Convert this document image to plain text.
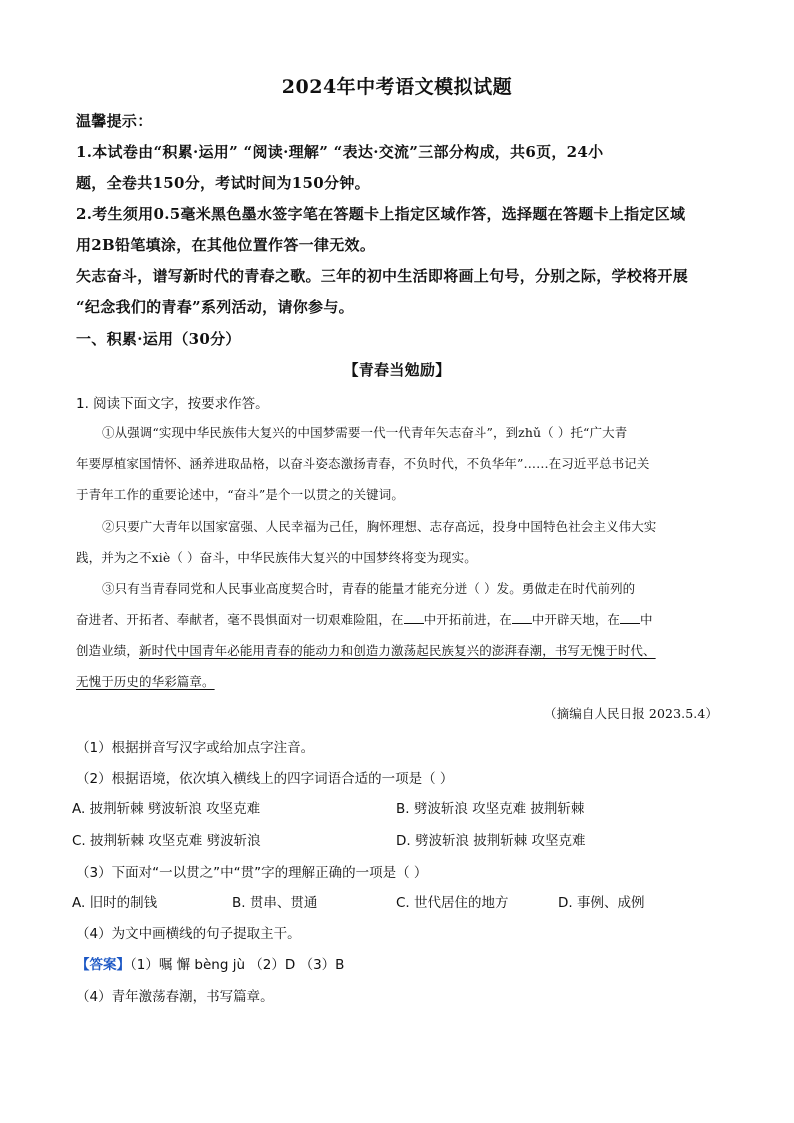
2024年中考语文模拟试题
温馨提示：
1.本试卷由“积累·运用” “阅读·理解” “表达·交流”三部分构成，共6页，24小
题，全卷共150分，考试时间为150分钟。
2.考生须用0.5毫米黑色墨水签字笔在答题卡上指定区域作答，选择题在答题卡上指定区域
用2B铅笔填涂，在其他位置作答一律无效。
矢志奋斗，谱写新时代的青春之歌。三年的初中生活即将画上句号，分别之际，学校将开展
“纪念我们的青春”系列活动，请你参与。
一、积累·运用（30分）
【青春当勉励】
1. 阅读下面文字，按要求作答。
①从强调“实现中华民族伟大复兴的中国梦需要一代一代青年矢志奋斗”，到zhǔ（ ）托“广大青
年要厚植家国情怀、涵养进取品格，以奋斗姿态激扬青春，不负时代，不负华年”……在习近平总书记关
于青年工作的重要论述中，“奋斗”是个一以贯之的关键词。
②只要广大青年以国家富强、人民幸福为己任，胸怀理想、志存高远，投身中国特色社会主义伟大实
践，并为之不xiè（ ）奋斗，中华民族伟大复兴的中国梦终将变为现实。
③只有当青春同党和人民事业高度契合时，青春的能量才能充分迸（ ）发。勇做走在时代前列的
奋进者、开拓者、奉献者，毫不畏惧面对一切艰难险阻，在 中开拓前进，在 中开辟天地，在 中
创造业绩，新时代中国青年必能用青春的能动力和创造力激荡起民族复兴的澎湃春潮，书写无愧于时代、
无愧于历史的华彩篇章。
（摘编自人民日报 2023.5.4）
（1）根据拼音写汉字或给加点字注音。
（2）根据语境，依次填入横线上的四字词语合适的一项是（ ）
A. 披荆斩棘 劈波斩浪 攻坚克难	B. 劈波斩浪 攻坚克难 披荆斩棘
C. 披荆斩棘 攻坚克难 劈波斩浪	D. 劈波斩浪 披荆斩棘 攻坚克难
（3）下面对“一以贯之”中“贯”字的理解正确的一项是（ ）
A. 旧时的制钱	B. 贯串、贯通	C. 世代居住的地方	D. 事例、成例
（4）为文中画横线的句子提取主干。
【答案】（1）嘱 懈 bèng jù （2）D （3）B
（4）青年激荡春潮，书写篇章。
